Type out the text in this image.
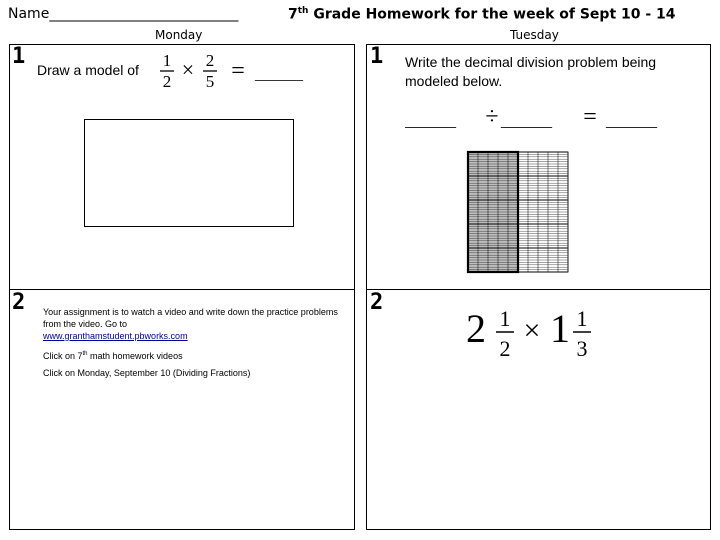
Name___________________________	7th Grade Homework for the week of Sept 10 - 14
Monday	Tuesday
1
Draw a model of 1
2 × 2
5 = ______
2 Your assignment is to watch a video and write down the practice problems from the video. Go to
www.granthamstudent.pbworks.com
Click on 7th math homework videos
Click on Monday, September 10 (Dividing Fractions)
1 Write the decimal division problem being modeled below.
______ ÷ ______ = ______
2
2 1
2
× 1 1
3
